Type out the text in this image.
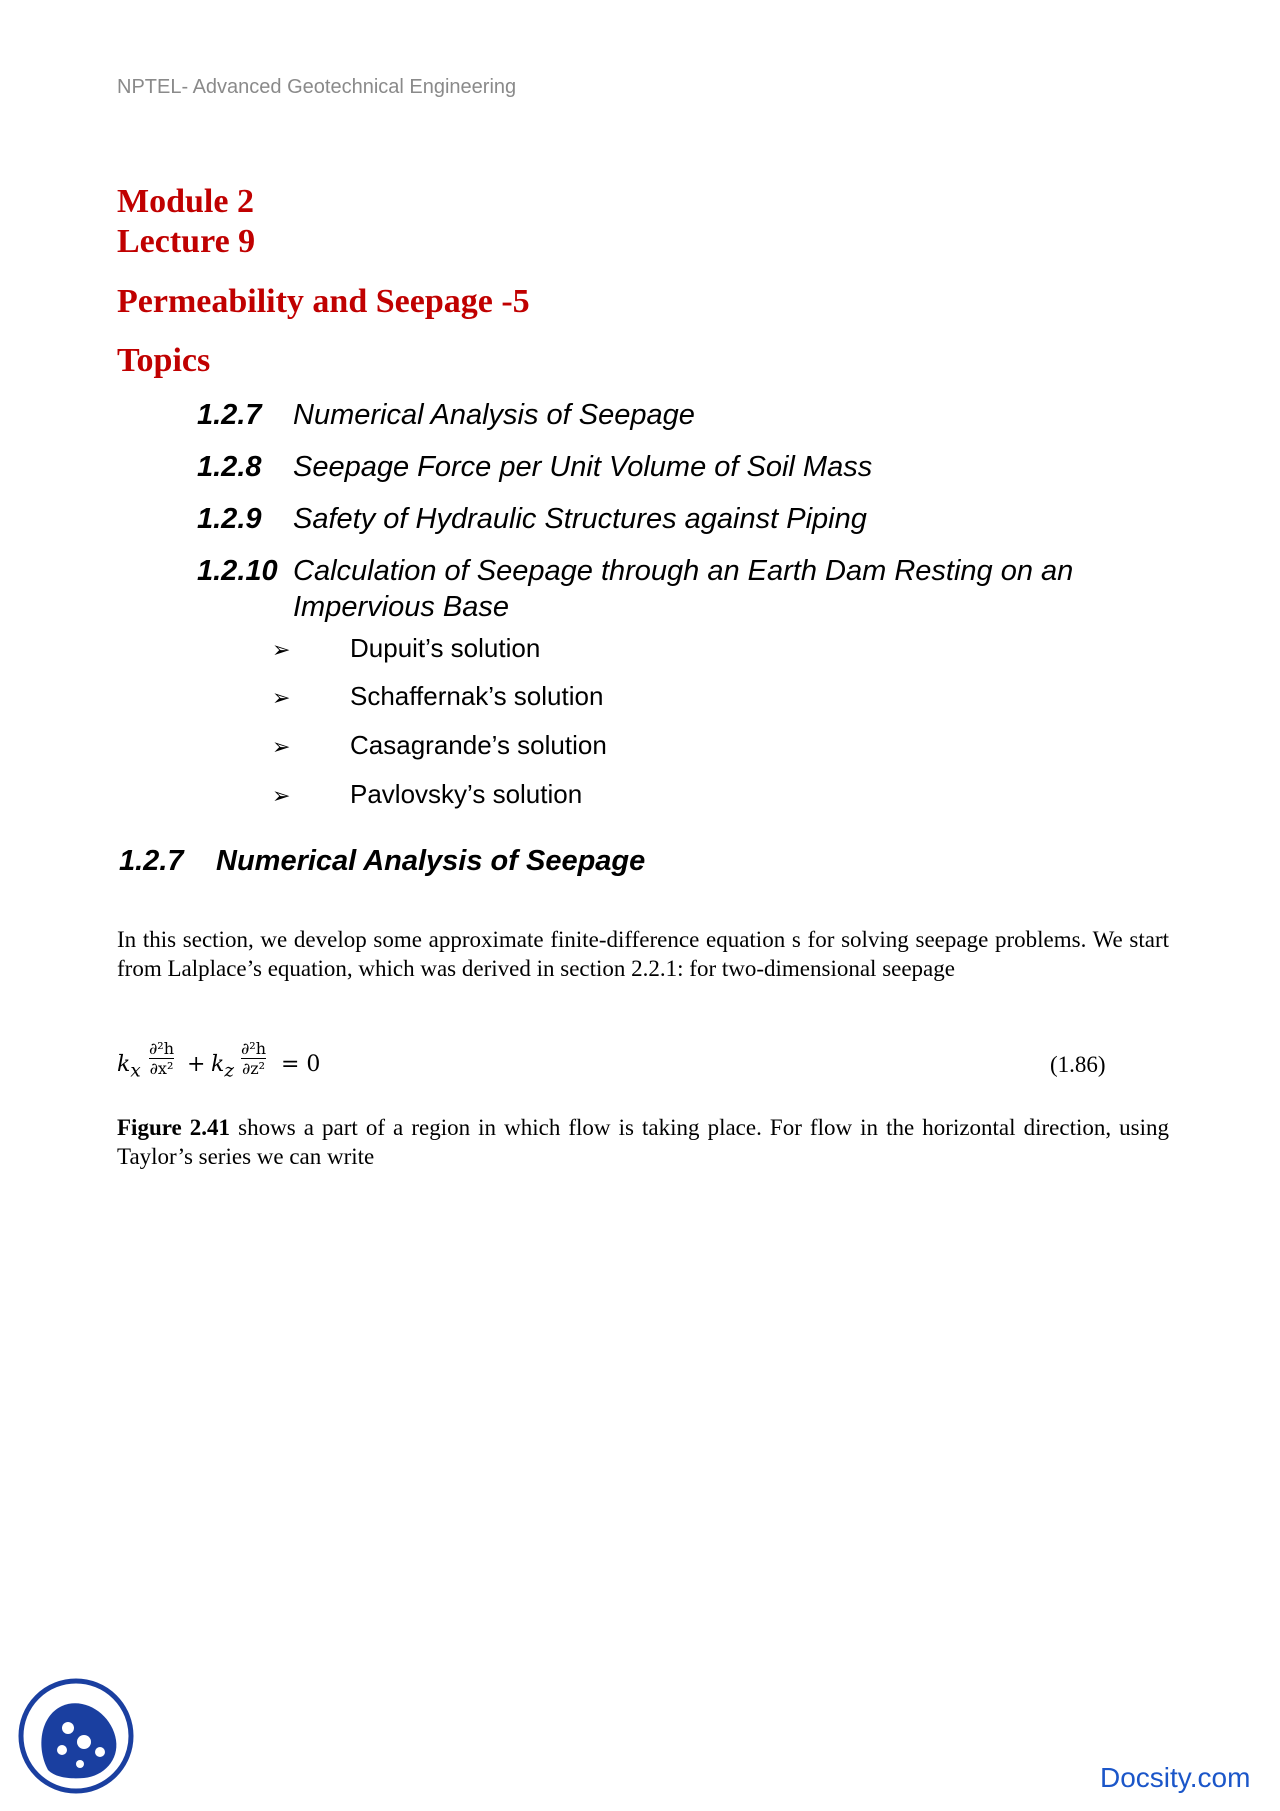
NPTEL- Advanced Geotechnical Engineering
Module 2
Lecture 9
Permeability and Seepage -5
Topics
1.2.7 Numerical Analysis of Seepage
1.2.8 Seepage Force per Unit Volume of Soil Mass
1.2.9 Safety of Hydraulic Structures against Piping
1.2.10 Calculation of Seepage through an Earth Dam Resting on an
Impervious Base
➢ Dupuit’s solution
➢ Schaffernak’s solution
➢ Casagrande’s solution
➢ Pavlovsky’s solution
1.2.7 Numerical Analysis of Seepage
In this section, we develop some approximate finite-difference equation s for solving seepage problems. We start from Lalplace’s equation, which was derived in section 2.2.1: for two-dimensional seepage
$k_x$
∂²h
$\partial x^2 + k_z$
∂²h
∂z² = 0	(1.86)
Figure 2.41 shows a part of a region in which flow is taking place. For flow in the horizontal direction, using Taylor’s series we can write
Docsity.com
